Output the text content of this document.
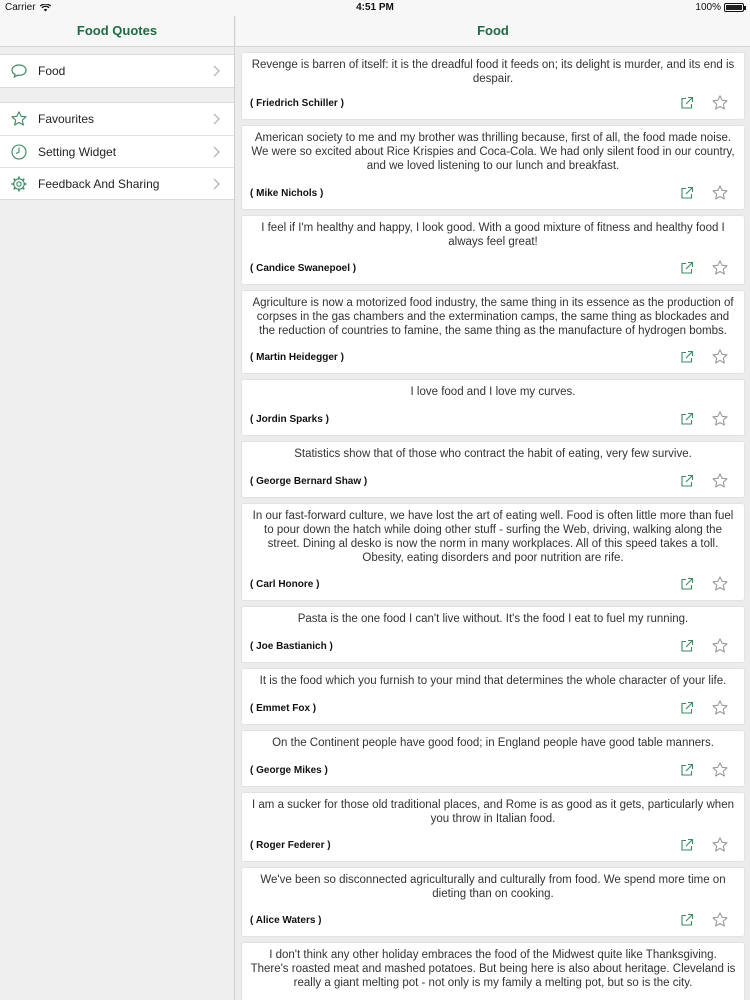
Carrier	4:51 PM	100%
Food Quotes
Food
Favourites
Setting Widget
Feedback And Sharing
Food
Revenge is barren of itself: it is the dreadful food it feeds on; its delight is murder, and its end is despair.
( Friedrich Schiller )
American society to me and my brother was thrilling because, first of all, the food made noise. We were so excited about Rice Krispies and Coca-Cola. We had only silent food in our country, and we loved listening to our lunch and breakfast.
( Mike Nichols )
I feel if I'm healthy and happy, I look good. With a good mixture of fitness and healthy food I always feel great!
( Candice Swanepoel )
Agriculture is now a motorized food industry, the same thing in its essence as the production of corpses in the gas chambers and the extermination camps, the same thing as blockades and the reduction of countries to famine, the same thing as the manufacture of hydrogen bombs.
( Martin Heidegger )
I love food and I love my curves.
( Jordin Sparks )
Statistics show that of those who contract the habit of eating, very few survive.
( George Bernard Shaw )
In our fast-forward culture, we have lost the art of eating well. Food is often little more than fuel to pour down the hatch while doing other stuff - surfing the Web, driving, walking along the street. Dining al desko is now the norm in many workplaces. All of this speed takes a toll. Obesity, eating disorders and poor nutrition are rife.
( Carl Honore )
Pasta is the one food I can't live without. It's the food I eat to fuel my running.
( Joe Bastianich )
It is the food which you furnish to your mind that determines the whole character of your life.
( Emmet Fox )
On the Continent people have good food; in England people have good table manners.
( George Mikes )
I am a sucker for those old traditional places, and Rome is as good as it gets, particularly when you throw in Italian food.
( Roger Federer )
We've been so disconnected agriculturally and culturally from food. We spend more time on dieting than on cooking.
( Alice Waters )
I don't think any other holiday embraces the food of the Midwest quite like Thanksgiving. There's roasted meat and mashed potatoes. But being here is also about heritage. Cleveland is really a giant melting pot - not only is my family a melting pot, but so is the city.
